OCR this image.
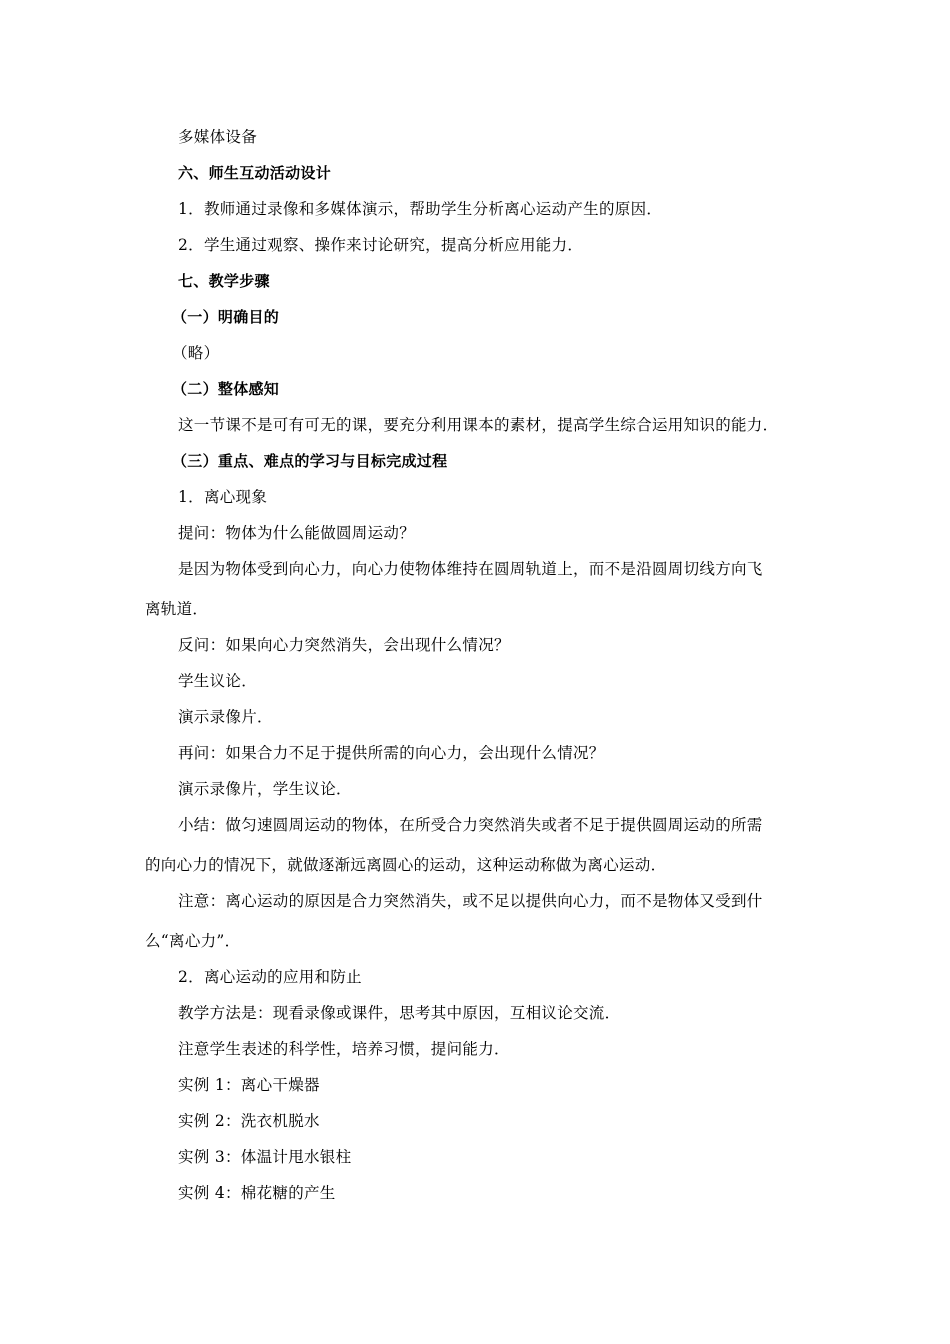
多媒体设备
六、师生互动活动设计
1．教师通过录像和多媒体演示，帮助学生分析离心运动产生的原因．
2．学生通过观察、操作来讨论研究，提高分析应用能力．
七、教学步骤
（一）明确目的
（略）
（二）整体感知
这一节课不是可有可无的课，要充分利用课本的素材，提高学生综合运用知识的能力．
（三）重点、难点的学习与目标完成过程
1．离心现象
提问：物体为什么能做圆周运动？
是因为物体受到向心力，向心力使物体维持在圆周轨道上，而不是沿圆周切线方向飞
离轨道．
反问：如果向心力突然消失，会出现什么情况？
学生议论．
演示录像片．
再问：如果合力不足于提供所需的向心力，会出现什么情况？
演示录像片，学生议论．
小结：做匀速圆周运动的物体，在所受合力突然消失或者不足于提供圆周运动的所需
的向心力的情况下，就做逐渐远离圆心的运动，这种运动称做为离心运动．
注意：离心运动的原因是合力突然消失，或不足以提供向心力，而不是物体又受到什
么“离心力”．
2．离心运动的应用和防止
教学方法是：现看录像或课件，思考其中原因，互相议论交流．
注意学生表述的科学性，培养习惯，提问能力．
实例 1：离心干燥器
实例 2：洗衣机脱水
实例 3：体温计甩水银柱
实例 4：棉花糖的产生
